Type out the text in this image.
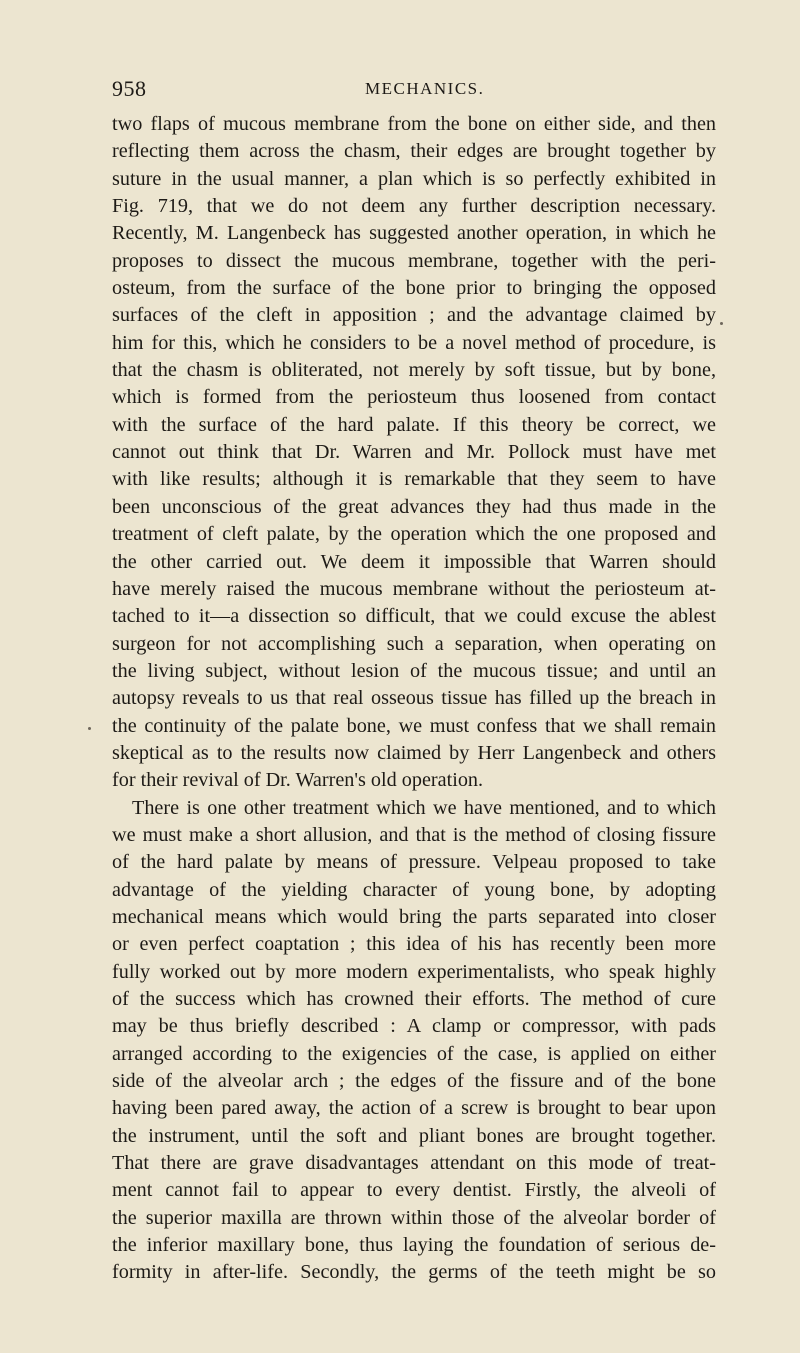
958	MECHANICS.
two flaps of mucous membrane from the bone on either side, and then
reflecting them across the chasm, their edges are brought together by
suture in the usual manner, a plan which is so perfectly exhibited in
Fig. 719, that we do not deem any further description necessary.
Recently, M. Langenbeck has suggested another operation, in which he
proposes to dissect the mucous membrane, together with the peri-
osteum, from the surface of the bone prior to bringing the opposed
surfaces of the cleft in apposition ; and the advantage claimed by
him for this, which he considers to be a novel method of procedure, is
that the chasm is obliterated, not merely by soft tissue, but by bone,
which is formed from the periosteum thus loosened from contact
with the surface of the hard palate. If this theory be correct, we
cannot out think that Dr. Warren and Mr. Pollock must have met
with like results; although it is remarkable that they seem to have
been unconscious of the great advances they had thus made in the
treatment of cleft palate, by the operation which the one proposed and
the other carried out. We deem it impossible that Warren should
have merely raised the mucous membrane without the periosteum at-
tached to it—a dissection so difficult, that we could excuse the ablest
surgeon for not accomplishing such a separation, when operating on
the living subject, without lesion of the mucous tissue; and until an
autopsy reveals to us that real osseous tissue has filled up the breach in
the continuity of the palate bone, we must confess that we shall remain
skeptical as to the results now claimed by Herr Langenbeck and others
for their revival of Dr. Warren's old operation.
There is one other treatment which we have mentioned, and to which
we must make a short allusion, and that is the method of closing fissure
of the hard palate by means of pressure. Velpeau proposed to take
advantage of the yielding character of young bone, by adopting
mechanical means which would bring the parts separated into closer
or even perfect coaptation ; this idea of his has recently been more
fully worked out by more modern experimentalists, who speak highly
of the success which has crowned their efforts. The method of cure
may be thus briefly described : A clamp or compressor, with pads
arranged according to the exigencies of the case, is applied on either
side of the alveolar arch ; the edges of the fissure and of the bone
having been pared away, the action of a screw is brought to bear upon
the instrument, until the soft and pliant bones are brought together.
That there are grave disadvantages attendant on this mode of treat-
ment cannot fail to appear to every dentist. Firstly, the alveoli of
the superior maxilla are thrown within those of the alveolar border of
the inferior maxillary bone, thus laying the foundation of serious de-
formity in after-life. Secondly, the germs of the teeth might be so
